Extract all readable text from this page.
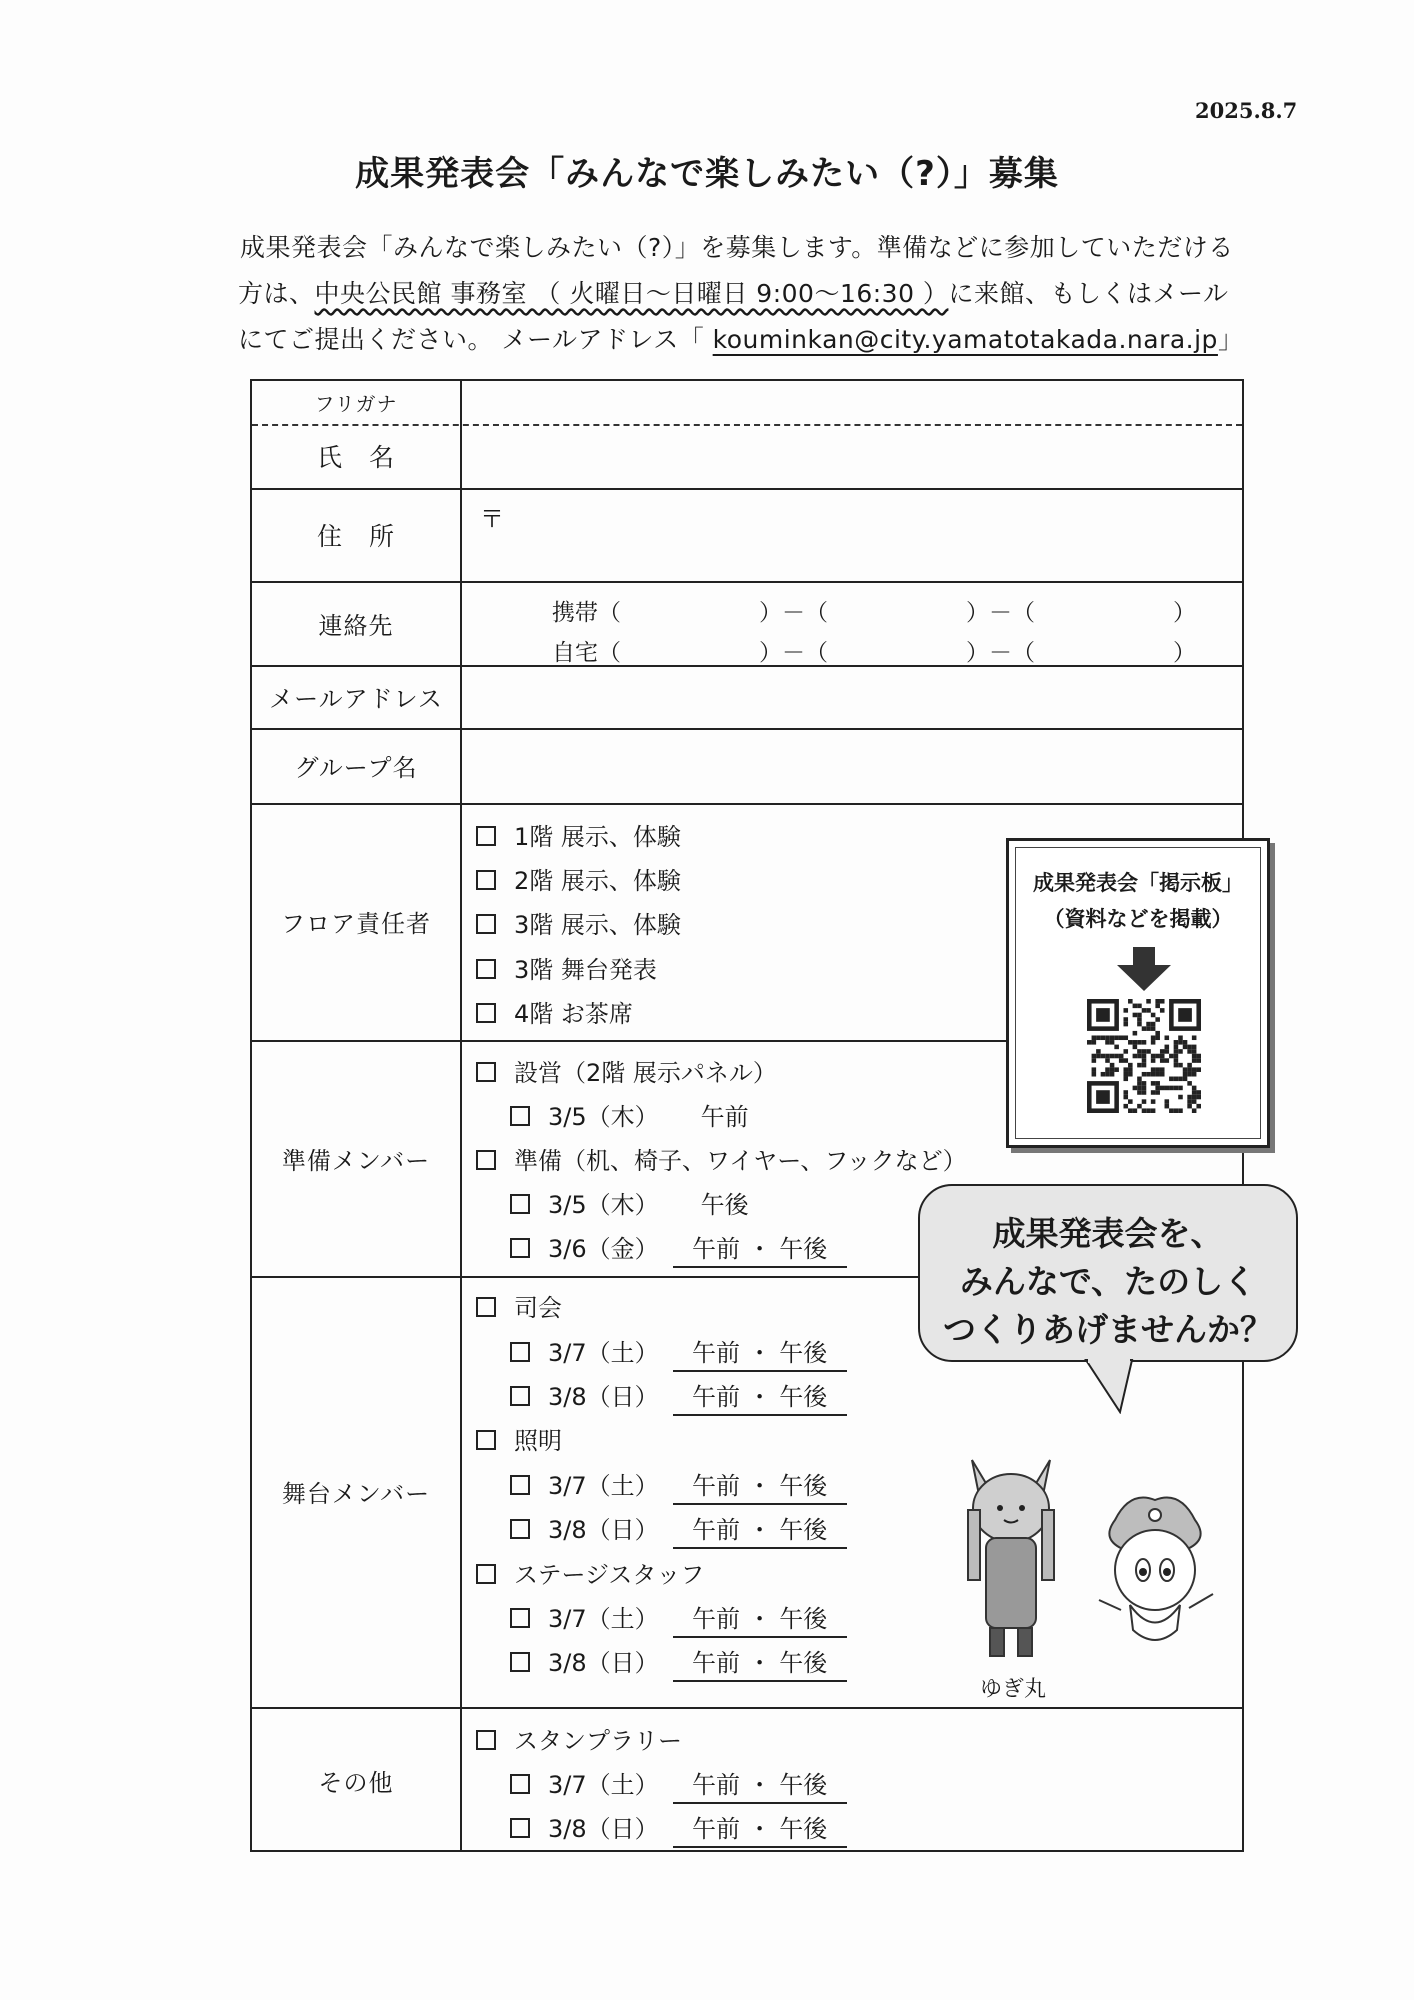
2025.8.7
成果発表会「みんなで楽しみたい（?）」募集
成果発表会「みんなで楽しみたい（?）」を募集します。準備などに参加していただける
方は、中央公民館 事務室 （ 火曜日～日曜日 9:00～16:30 ）に来館、もしくはメール
にてご提出ください。 メールアドレス「 kouminkan@city.yamatotakada.nara.jp」
フリガナ
氏　名
住　所
連絡先
メールアドレス
グループ名
フロア責任者
準備メンバー
舞台メンバー
その他
〒
携帯（　　　　　　）－（　　　　　　）－（　　　　　　）
自宅（　　　　　　）－（　　　　　　）－（　　　　　　）
1階 展示、体験
2階 展示、体験
3階 展示、体験
3階 舞台発表
4階 お茶席
設営（2階 展示パネル）
3/5（木） 午前
準備（机、椅子、ワイヤー、フックなど）
3/5（木） 午後
3/6（金） 午前 ・ 午後
司会
3/7（土） 午前 ・ 午後
3/8（日） 午前 ・ 午後
照明
3/7（土） 午前 ・ 午後
3/8（日） 午前 ・ 午後
ステージスタッフ
3/7（土） 午前 ・ 午後
3/8（日） 午前 ・ 午後
スタンプラリー
3/7（土） 午前 ・ 午後
3/8（日） 午前 ・ 午後
成果発表会「掲示板」
（資料などを掲載）
成果発表会を、
みんなで、たのしく
つくりあげませんか？
ゆぎ丸
